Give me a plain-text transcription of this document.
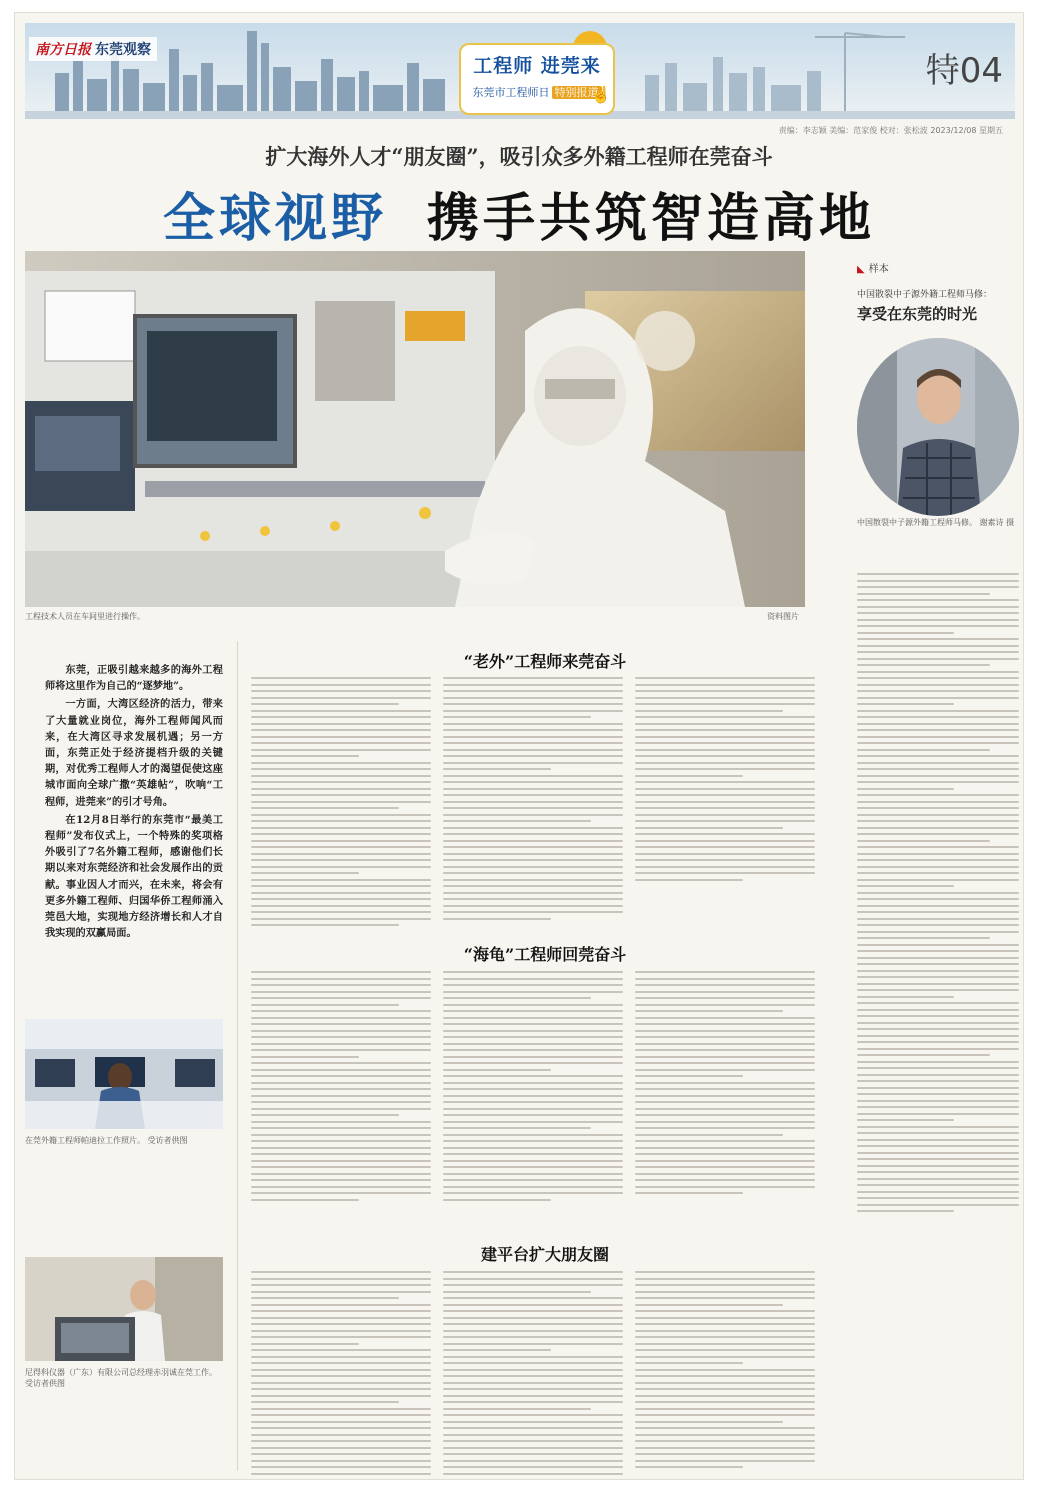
南方日报 东莞观察
工程师 进莞来
东莞市工程师日 特别报道
☝
特04
责编：李志颖 美编：范家俊 校对：张松波 2023/12/08 星期五
扩大海外人才“朋友圈”，吸引众多外籍工程师在莞奋斗
全球视野 携手共筑智造高地
工程技术人员在车间里进行操作。	资料图片
◣ 样本
中国散裂中子源外籍工程师马修：
享受在东莞的时光
中国散裂中子源外籍工程师马修。 谢素诗 摄

东莞，正吸引越来越多的海外工程师将这里作为自己的“逐梦地”。

一方面，大湾区经济的活力，带来了大量就业岗位，海外工程师闻风而来，在大湾区寻求发展机遇；另一方面，东莞正处于经济提档升级的关键期，对优秀工程师人才的渴望促使这座城市面向全球广撒“英雄帖”，吹响“工程师，进莞来”的引才号角。

在12月8日举行的东莞市“最美工程师”发布仪式上，一个特殊的奖项格外吸引了7名外籍工程师，感谢他们长期以来对东莞经济和社会发展作出的贡献。事业因人才而兴，在未来，将会有更多外籍工程师、归国华侨工程师涌入莞邑大地，实现地方经济增长和人才自我实现的双赢局面。

在莞外籍工程师帕迪拉工作照片。 受访者供图
尼得科仪器（广东）有限公司总经理赤羽诚在莞工作。 受访者供图
“老外”工程师来莞奋斗
“海龟”工程师回莞奋斗
建平台扩大朋友圈
